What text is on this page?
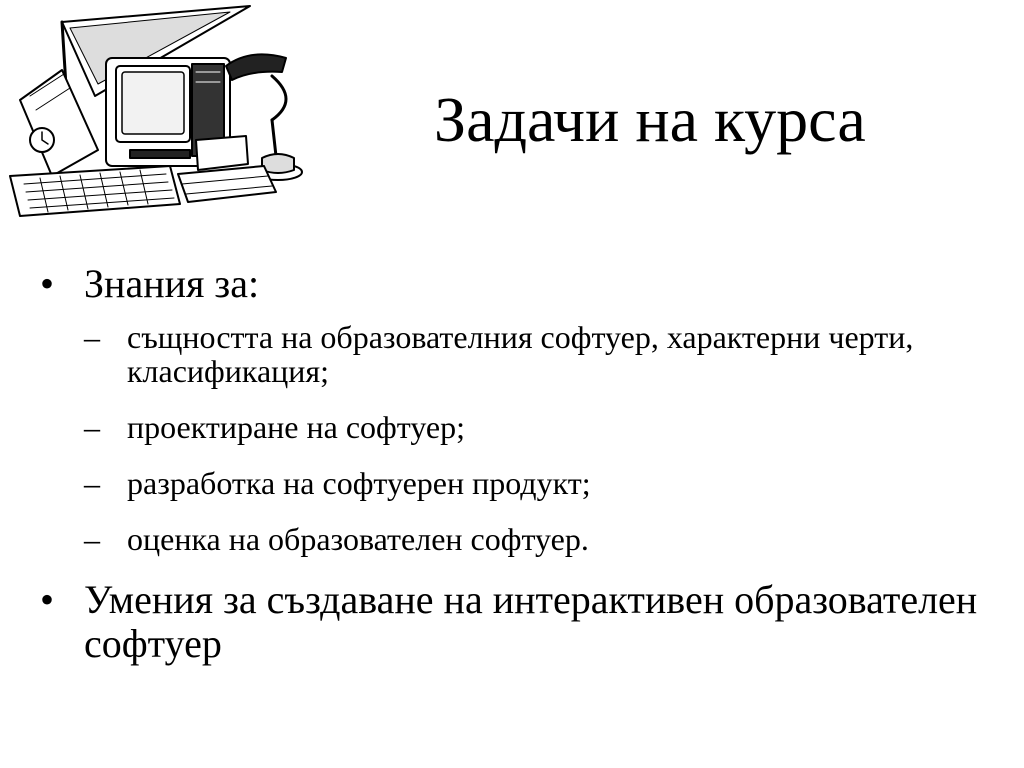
Задачи на курса
• Знания за:
– същността на образователния софтуер, характерни черти, класификация;
– проектиране на софтуер;
– разработка на софтуерен продукт;
– оценка на образователен софтуер.
• Умения за създаване на интерактивен образователен софтуер
